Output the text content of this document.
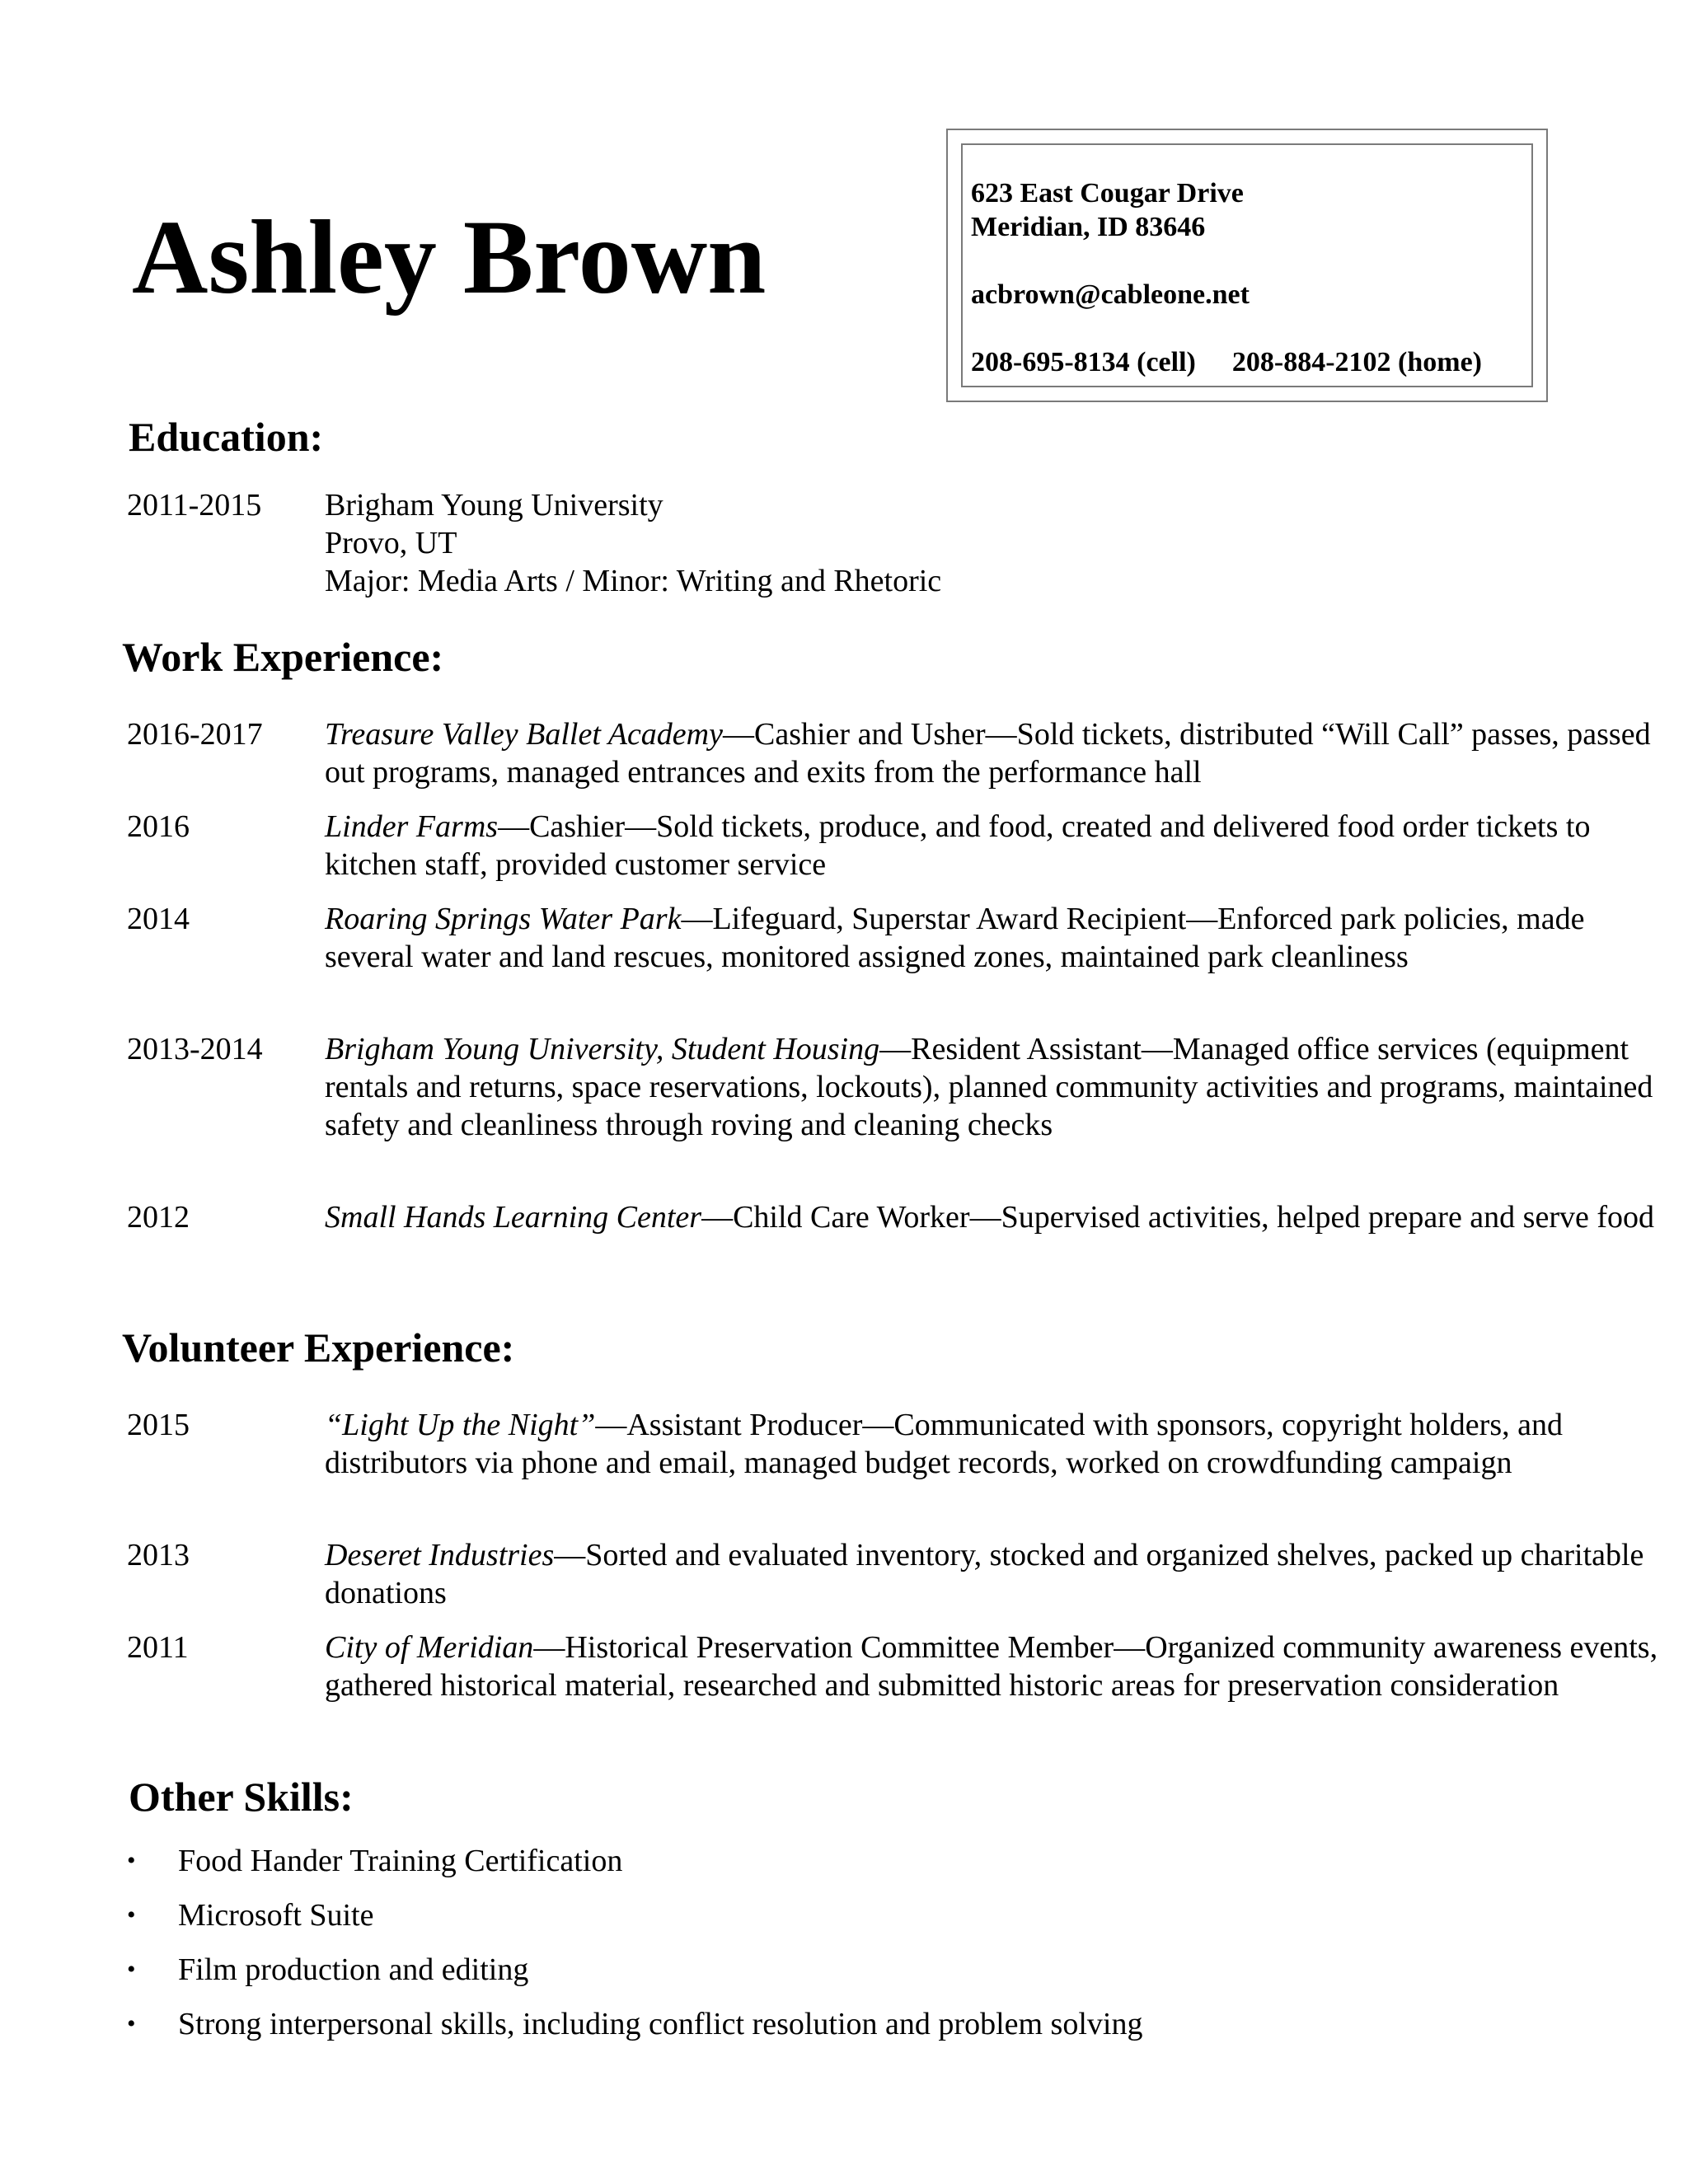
Ashley Brown
623 East Cougar Drive
Meridian, ID 83646
acbrown@cableone.net
208-695-8134 (cell) 208-884-2102 (home)
Education:
2011-2015 Brigham Young University
Provo, UT
Major: Media Arts / Minor: Writing and Rhetoric
Work Experience:
2016-2017 Treasure Valley Ballet Academy—Cashier and Usher—Sold tickets, distributed “Will Call” passes, passed out programs, managed entrances and exits from the performance hall
2016	Linder Farms—Cashier—Sold tickets, produce, and food, created and delivered food order tickets to kitchen staff, provided customer service
2014	Roaring Springs Water Park—Lifeguard, Superstar Award Recipient—Enforced park policies, made several water and land rescues, monitored assigned zones, maintained park cleanliness
2013-2014 Brigham Young University, Student Housing—Resident Assistant—Managed office services (equipment rentals and returns, space reservations, lockouts), planned community activities and programs, maintained safety and cleanliness through roving and cleaning checks
2012	Small Hands Learning Center—Child Care Worker—Supervised activities, helped prepare and serve food
Volunteer Experience:
2015	“Light Up the Night”—Assistant Producer—Communicated with sponsors, copyright holders, and distributors via phone and email, managed budget records, worked on crowdfunding campaign
2013	Deseret Industries—Sorted and evaluated inventory, stocked and organized shelves, packed up charitable donations
2011	City of Meridian—Historical Preservation Committee Member—Organized community awareness events, gathered historical material, researched and submitted historic areas for preservation consideration
Other Skills:
• Food Hander Training Certification
• Microsoft Suite
• Film production and editing
• Strong interpersonal skills, including conflict resolution and problem solving
